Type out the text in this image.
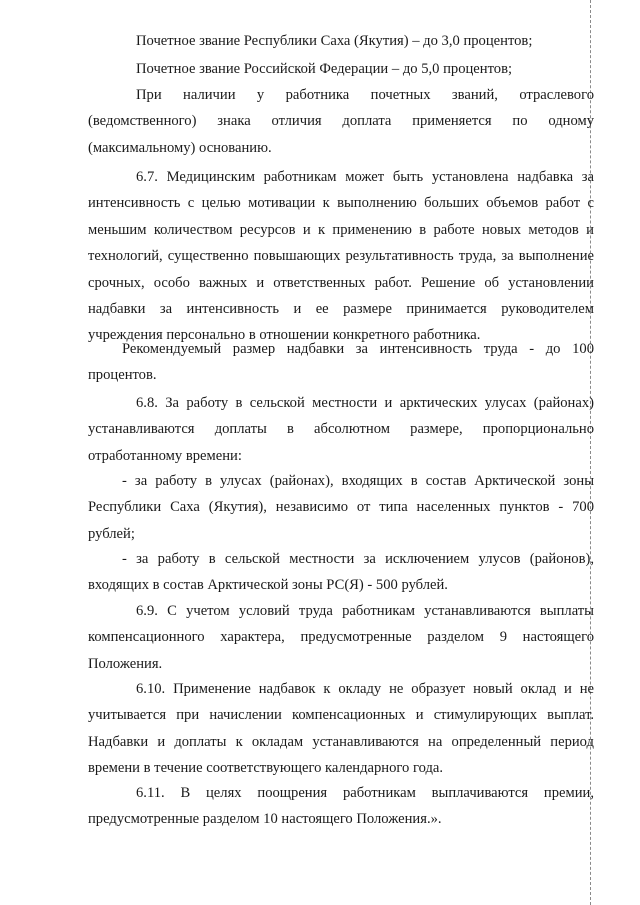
Почетное звание Республики Саха (Якутия) – до 3,0 процентов;

Почетное звание Российской Федерации – до 5,0 процентов;

При наличии у работника почетных званий, отраслевого (ведомственного) знака отличия доплата применяется по одному (максимальному) основанию.

6.7. Медицинским работникам может быть установлена надбавка за интенсивность с целью мотивации к выполнению больших объемов работ с меньшим количеством ресурсов и к применению в работе новых методов и технологий, существенно повышающих результативность труда, за выполнение срочных, особо важных и ответственных работ. Решение об установлении надбавки за интенсивность и ее размере принимается руководителем учреждения персонально в отношении конкретного работника.

Рекомендуемый размер надбавки за интенсивность труда - до 100 процентов.

6.8. За работу в сельской местности и арктических улусах (районах) устанавливаются доплаты в абсолютном размере, пропорционально отработанному времени:

- за работу в улусах (районах), входящих в состав Арктической зоны Республики Саха (Якутия), независимо от типа населенных пунктов - 700 рублей;

- за работу в сельской местности за исключением улусов (районов), входящих в состав Арктической зоны РС(Я) - 500 рублей.

6.9. С учетом условий труда работникам устанавливаются выплаты компенсационного характера, предусмотренные разделом 9 настоящего Положения.

6.10. Применение надбавок к окладу не образует новый оклад и не учитывается при начислении компенсационных и стимулирующих выплат. Надбавки и доплаты к окладам устанавливаются на определенный период времени в течение соответствующего календарного года.

6.11. В целях поощрения работникам выплачиваются премии, предусмотренные разделом 10 настоящего Положения.».
